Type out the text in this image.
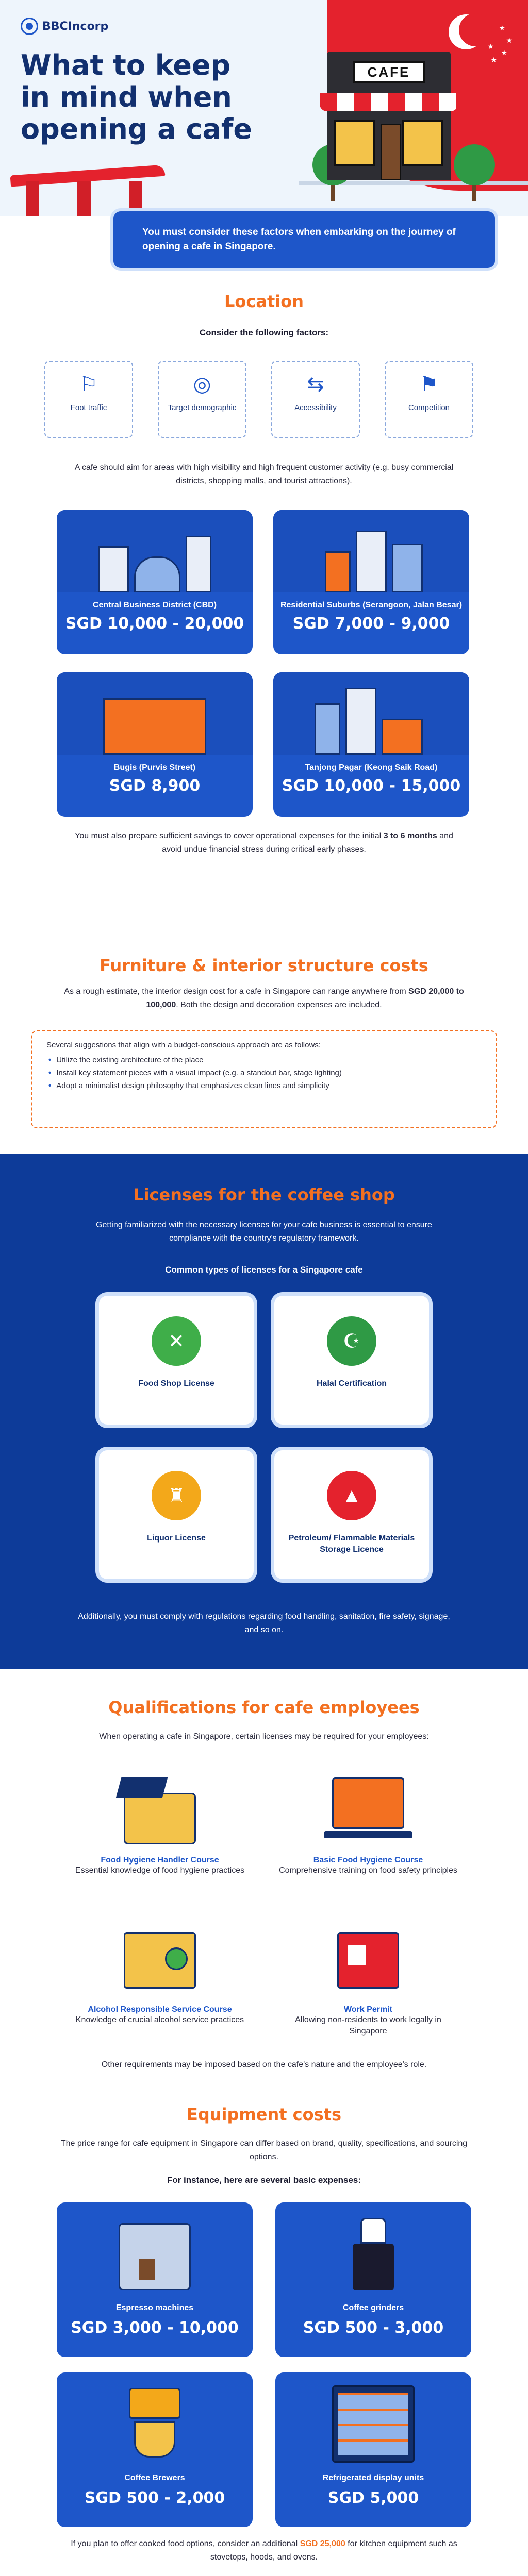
★
★
★
★
★
BBCIncorp
What to keep in mind when opening a cafe
CAFE
You must consider these factors when embarking on the journey of opening a cafe in Singapore.
Location
Consider the following factors:
⚐
Foot traffic
◎
Target demographic
⇆
Accessibility
⚑
Competition
A cafe should aim for areas with high visibility and high frequent customer activity (e.g. busy commercial districts, shopping malls, and tourist attractions).
Central Business District (CBD)
SGD 10,000 - 20,000
Residential Suburbs (Serangoon, Jalan Besar)
SGD 7,000 - 9,000
Bugis (Purvis Street)
SGD 8,900
Tanjong Pagar (Keong Saik Road)
SGD 10,000 - 15,000
You must also prepare sufficient savings to cover operational expenses for the initial 3 to 6 months and avoid undue financial stress during critical early phases.
Furniture & interior structure costs
As a rough estimate, the interior design cost for a cafe in Singapore can range anywhere from SGD 20,000 to 100,000. Both the design and decoration expenses are included.

Several suggestions that align with a budget-conscious approach are as follows:

• Utilize the existing architecture of the place
• Install key statement pieces with a visual impact (e.g. a standout bar, stage lighting)
• Adopt a minimalist design philosophy that emphasizes clean lines and simplicity
Licenses for the coffee shop
Getting familiarized with the necessary licenses for your cafe business is essential to ensure compliance with the country's regulatory framework.
Common types of licenses for a Singapore cafe
✕
Food Shop License
☪
Halal Certification
♜
Liquor License
▲
Petroleum/ Flammable Materials Storage Licence
Additionally, you must comply with regulations regarding food handling, sanitation, fire safety, signage, and so on.
Qualifications for cafe employees
When operating a cafe in Singapore, certain licenses may be required for your employees:
Food Hygiene Handler Course
Essential knowledge of food hygiene practices
Basic Food Hygiene Course
Comprehensive training on food safety principles
Alcohol Responsible Service Course
Knowledge of crucial alcohol service practices
Work Permit
Allowing non-residents to work legally in Singapore
Other requirements may be imposed based on the cafe's nature and the employee's role.
Equipment costs
The price range for cafe equipment in Singapore can differ based on brand, quality, specifications, and sourcing options.
For instance, here are several basic expenses:
Espresso machines
SGD 3,000 - 10,000
Coffee grinders
SGD 500 - 3,000
Coffee Brewers
SGD 500 - 2,000
Refrigerated display units
SGD 5,000
If you plan to offer cooked food options, consider an additional SGD 25,000 for kitchen equipment such as stovetops, hoods, and ovens.
